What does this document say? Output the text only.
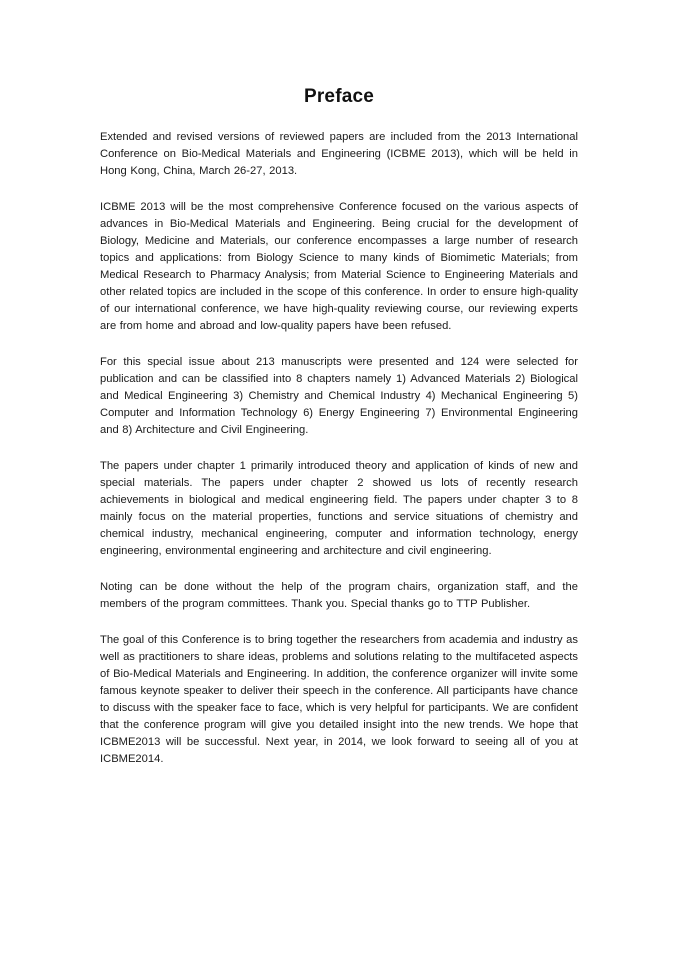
Preface

Extended and revised versions of reviewed papers are included from the 2013 International Conference on Bio-Medical Materials and Engineering (ICBME 2013), which will be held in Hong Kong, China, March 26-27, 2013.

ICBME 2013 will be the most comprehensive Conference focused on the various aspects of advances in Bio-Medical Materials and Engineering. Being crucial for the development of Biology, Medicine and Materials, our conference encompasses a large number of research topics and applications: from Biology Science to many kinds of Biomimetic Materials; from Medical Research to Pharmacy Analysis; from Material Science to Engineering Materials and other related topics are included in the scope of this conference. In order to ensure high-quality of our international conference, we have high-quality reviewing course, our reviewing experts are from home and abroad and low-quality papers have been refused.

For this special issue about 213 manuscripts were presented and 124 were selected for publication and can be classified into 8 chapters namely 1) Advanced Materials 2) Biological and Medical Engineering 3) Chemistry and Chemical Industry 4) Mechanical Engineering 5) Computer and Information Technology 6) Energy Engineering 7) Environmental Engineering and 8) Architecture and Civil Engineering.

The papers under chapter 1 primarily introduced theory and application of kinds of new and special materials. The papers under chapter 2 showed us lots of recently research achievements in biological and medical engineering field. The papers under chapter 3 to 8 mainly focus on the material properties, functions and service situations of chemistry and chemical industry, mechanical engineering, computer and information technology, energy engineering, environmental engineering and architecture and civil engineering.

Noting can be done without the help of the program chairs, organization staff, and the members of the program committees. Thank you. Special thanks go to TTP Publisher.

The goal of this Conference is to bring together the researchers from academia and industry as well as practitioners to share ideas, problems and solutions relating to the multifaceted aspects of Bio-Medical Materials and Engineering. In addition, the conference organizer will invite some famous keynote speaker to deliver their speech in the conference. All participants have chance to discuss with the speaker face to face, which is very helpful for participants. We are confident that the conference program will give you detailed insight into the new trends. We hope that ICBME2013 will be successful. Next year, in 2014, we look forward to seeing all of you at ICBME2014.
